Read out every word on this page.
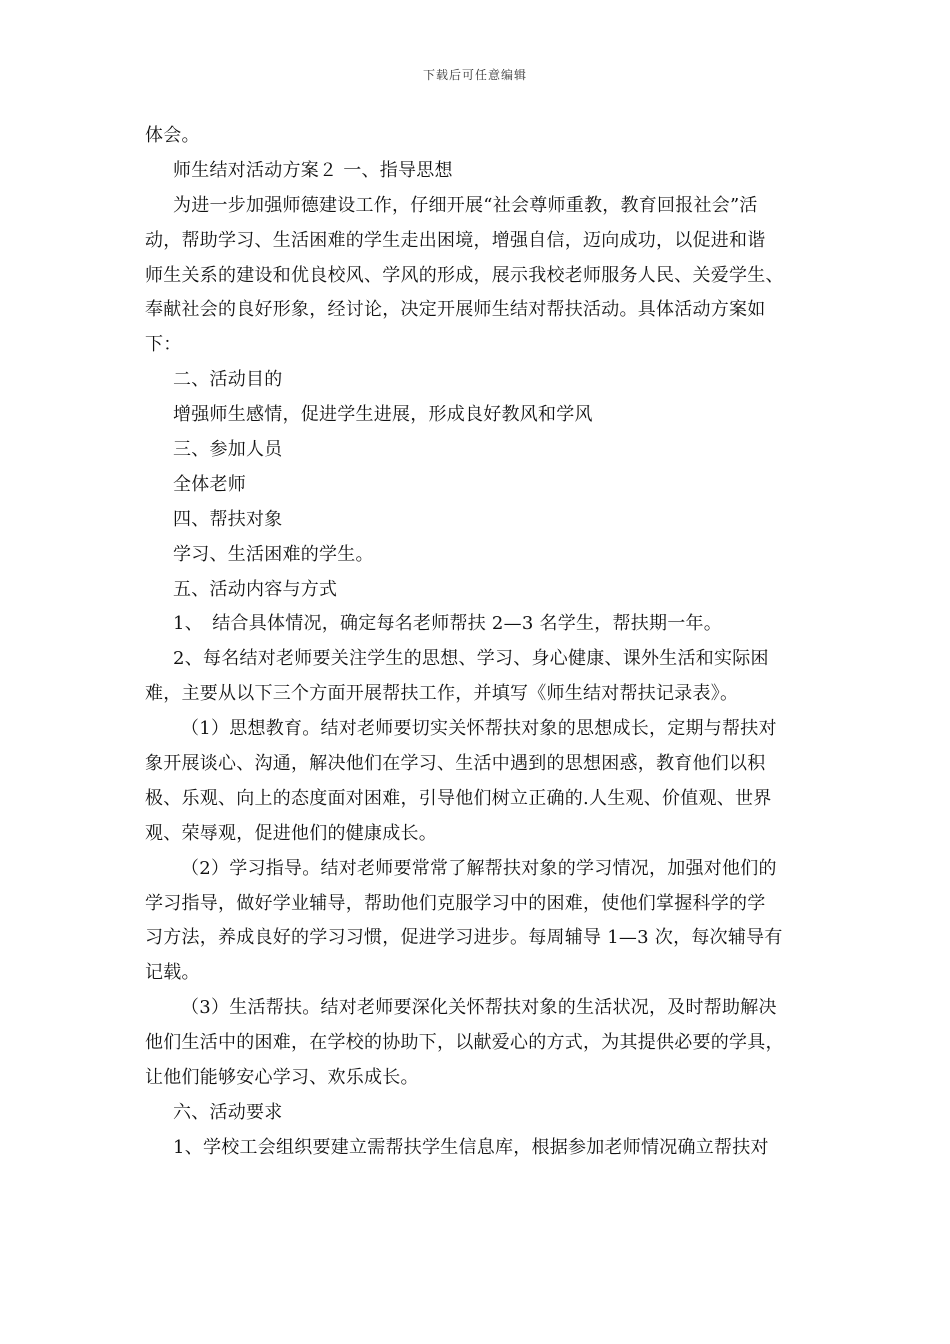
下载后可任意编辑
体会。
师生结对活动方案２ 一、指导思想
为进一步加强师德建设工作，仔细开展“社会尊师重教，教育回报社会”活
动，帮助学习、生活困难的学生走出困境，增强自信，迈向成功，以促进和谐
师生关系的建设和优良校风、学风的形成，展示我校老师服务人民、关爱学生、
奉献社会的良好形象，经讨论，决定开展师生结对帮扶活动。具体活动方案如
下：
二、活动目的
增强师生感情，促进学生进展，形成良好教风和学风
三、参加人员
全体老师
四、帮扶对象
学习、生活困难的学生。
五、活动内容与方式
1、　结合具体情况，确定每名老师帮扶 2—3 名学生，帮扶期一年。
2、每名结对老师要关注学生的思想、学习、身心健康、课外生活和实际困
难，主要从以下三个方面开展帮扶工作，并填写《师生结对帮扶记录表》。
（1）思想教育。结对老师要切实关怀帮扶对象的思想成长，定期与帮扶对
象开展谈心、沟通，解决他们在学习、生活中遇到的思想困惑，教育他们以积
极、乐观、向上的态度面对困难，引导他们树立正确的.人生观、价值观、世界
观、荣辱观，促进他们的健康成长。
（2）学习指导。结对老师要常常了解帮扶对象的学习情况，加强对他们的
学习指导，做好学业辅导，帮助他们克服学习中的困难，使他们掌握科学的学
习方法，养成良好的学习习惯，促进学习进步。每周辅导 1—3 次，每次辅导有
记载。
（3）生活帮扶。结对老师要深化关怀帮扶对象的生活状况，及时帮助解决
他们生活中的困难，在学校的协助下，以献爱心的方式，为其提供必要的学具，
让他们能够安心学习、欢乐成长。
六、活动要求
1、学校工会组织要建立需帮扶学生信息库，根据参加老师情况确立帮扶对
